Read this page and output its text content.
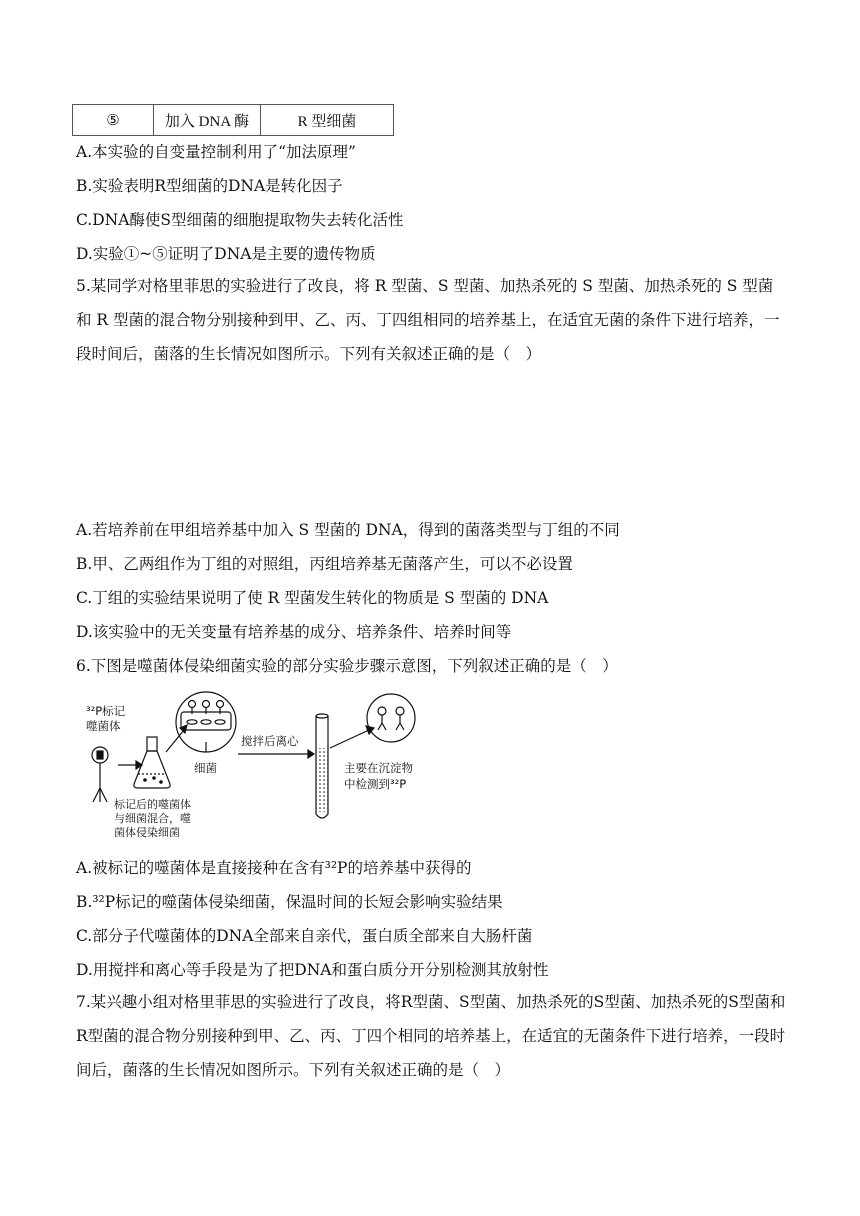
⑤	加入 DNA 酶	R 型细菌
A.本实验的自变量控制利用了“加法原理”
B.实验表明R型细菌的DNA是转化因子
C.DNA酶使S型细菌的细胞提取物失去转化活性
D.实验①~⑤证明了DNA是主要的遗传物质
5.某同学对格里菲思的实验进行了改良，将 R 型菌、S 型菌、加热杀死的 S 型菌、加热杀死的 S 型菌和 R 型菌的混合物分别接种到甲、乙、丙、丁四组相同的培养基上，在适宜无菌的条件下进行培养，一段时间后，菌落的生长情况如图所示。下列有关叙述正确的是（　）
A.若培养前在甲组培养基中加入 S 型菌的 DNA，得到的菌落类型与丁组的不同
B.甲、乙两组作为丁组的对照组，丙组培养基无菌落产生，可以不必设置
C.丁组的实验结果说明了使 R 型菌发生转化的物质是 S 型菌的 DNA
D.该实验中的无关变量有培养基的成分、培养条件、培养时间等
6.下图是噬菌体侵染细菌实验的部分实验步骤示意图，下列叙述正确的是（　）
³²P标记
噬菌体
细菌
搅拌后离心
主要在沉淀物
中检测到³²P
标记后的噬菌体
与细菌混合，噬
菌体侵染细菌
A.被标记的噬菌体是直接接种在含有³²P的培养基中获得的
B.³²P标记的噬菌体侵染细菌，保温时间的长短会影响实验结果
C.部分子代噬菌体的DNA全部来自亲代，蛋白质全部来自大肠杆菌
D.用搅拌和离心等手段是为了把DNA和蛋白质分开分别检测其放射性
7.某兴趣小组对格里菲思的实验进行了改良，将R型菌、S型菌、加热杀死的S型菌、加热杀死的S型菌和R型菌的混合物分别接种到甲、乙、丙、丁四个相同的培养基上，在适宜的无菌条件下进行培养，一段时间后，菌落的生长情况如图所示。下列有关叙述正确的是（　）
